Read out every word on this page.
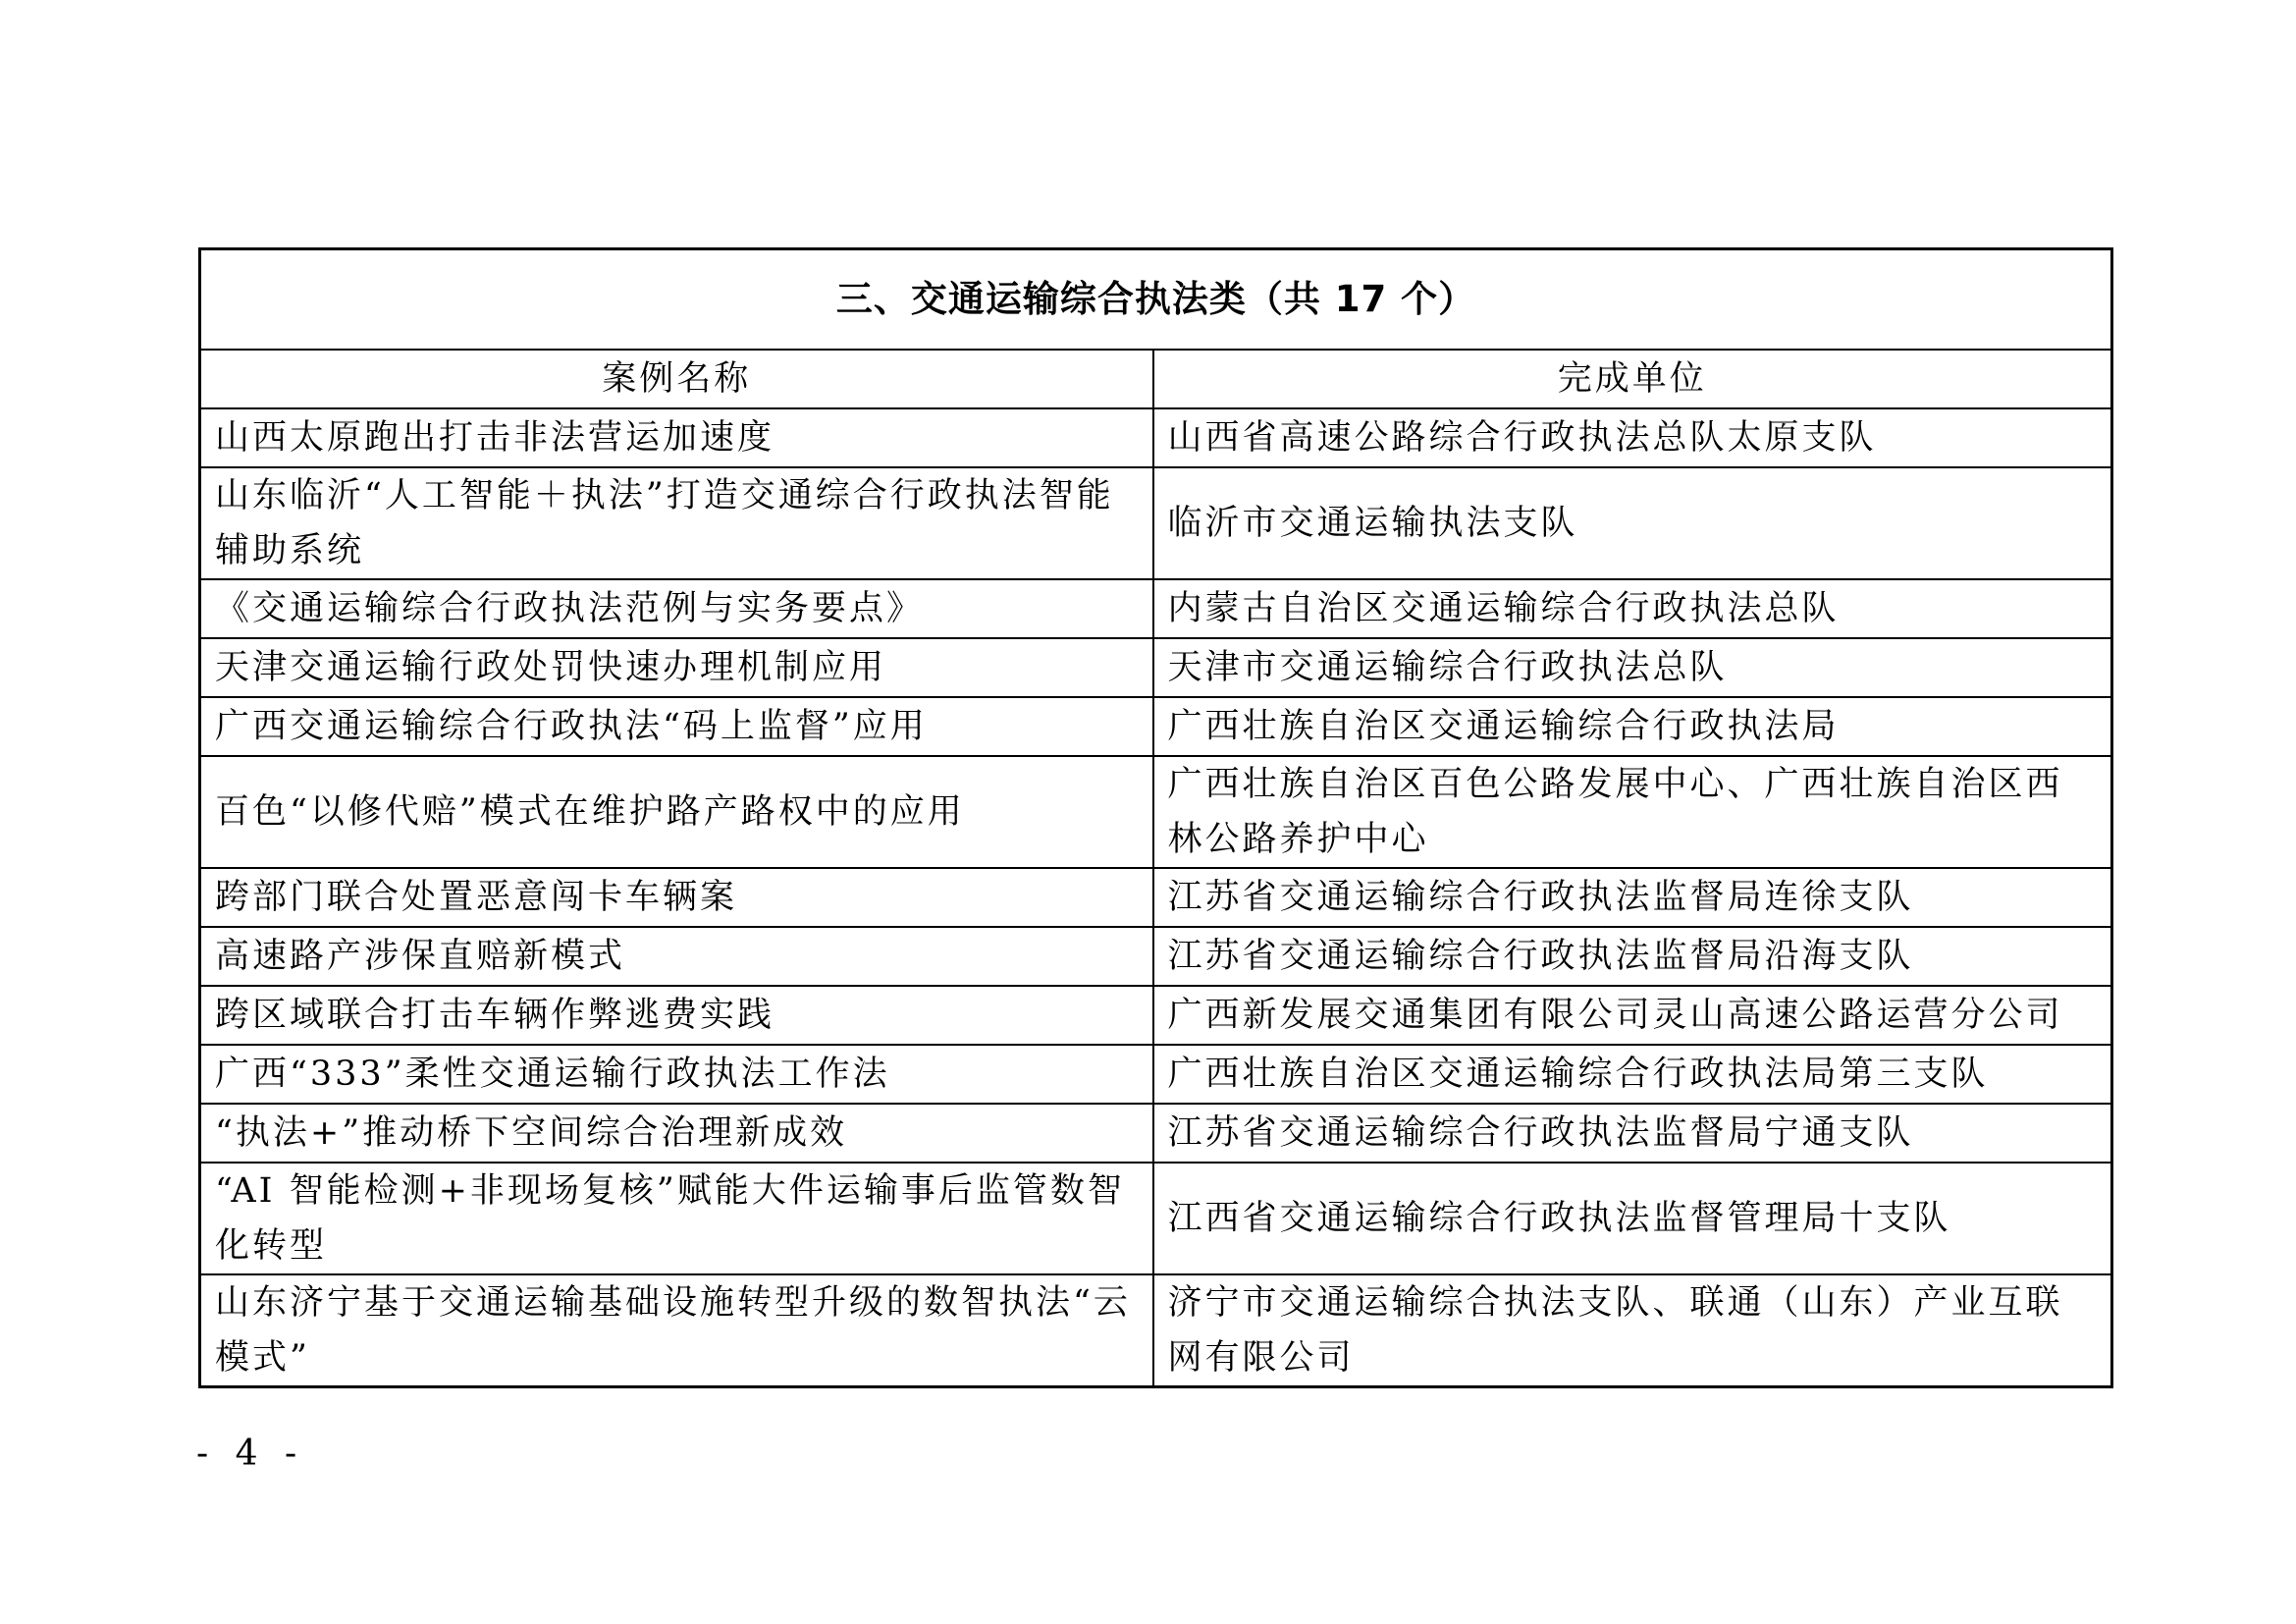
三、交通运输综合执法类（共 17 个）	
案例名称	完成单位
山西太原跑出打击非法营运加速度	山西省高速公路综合行政执法总队太原支队
山东临沂“人工智能＋执法”打造交通综合行政执法智能辅助系统	临沂市交通运输执法支队
《交通运输综合行政执法范例与实务要点》	内蒙古自治区交通运输综合行政执法总队
天津交通运输行政处罚快速办理机制应用	天津市交通运输综合行政执法总队
广西交通运输综合行政执法“码上监督”应用	广西壮族自治区交通运输综合行政执法局
百色“以修代赔”模式在维护路产路权中的应用	广西壮族自治区百色公路发展中心、广西壮族自治区西林公路养护中心
跨部门联合处置恶意闯卡车辆案	江苏省交通运输综合行政执法监督局连徐支队
高速路产涉保直赔新模式	江苏省交通运输综合行政执法监督局沿海支队
跨区域联合打击车辆作弊逃费实践	广西新发展交通集团有限公司灵山高速公路运营分公司
广西“333”柔性交通运输行政执法工作法	广西壮族自治区交通运输综合行政执法局第三支队
“执法+”推动桥下空间综合治理新成效	江苏省交通运输综合行政执法监督局宁通支队
“AI 智能检测+非现场复核”赋能大件运输事后监管数智化转型	江西省交通运输综合行政执法监督管理局十支队
山东济宁基于交通运输基础设施转型升级的数智执法“云模式”	济宁市交通运输综合执法支队、联通（山东）产业互联网有限公司
- 4 -
